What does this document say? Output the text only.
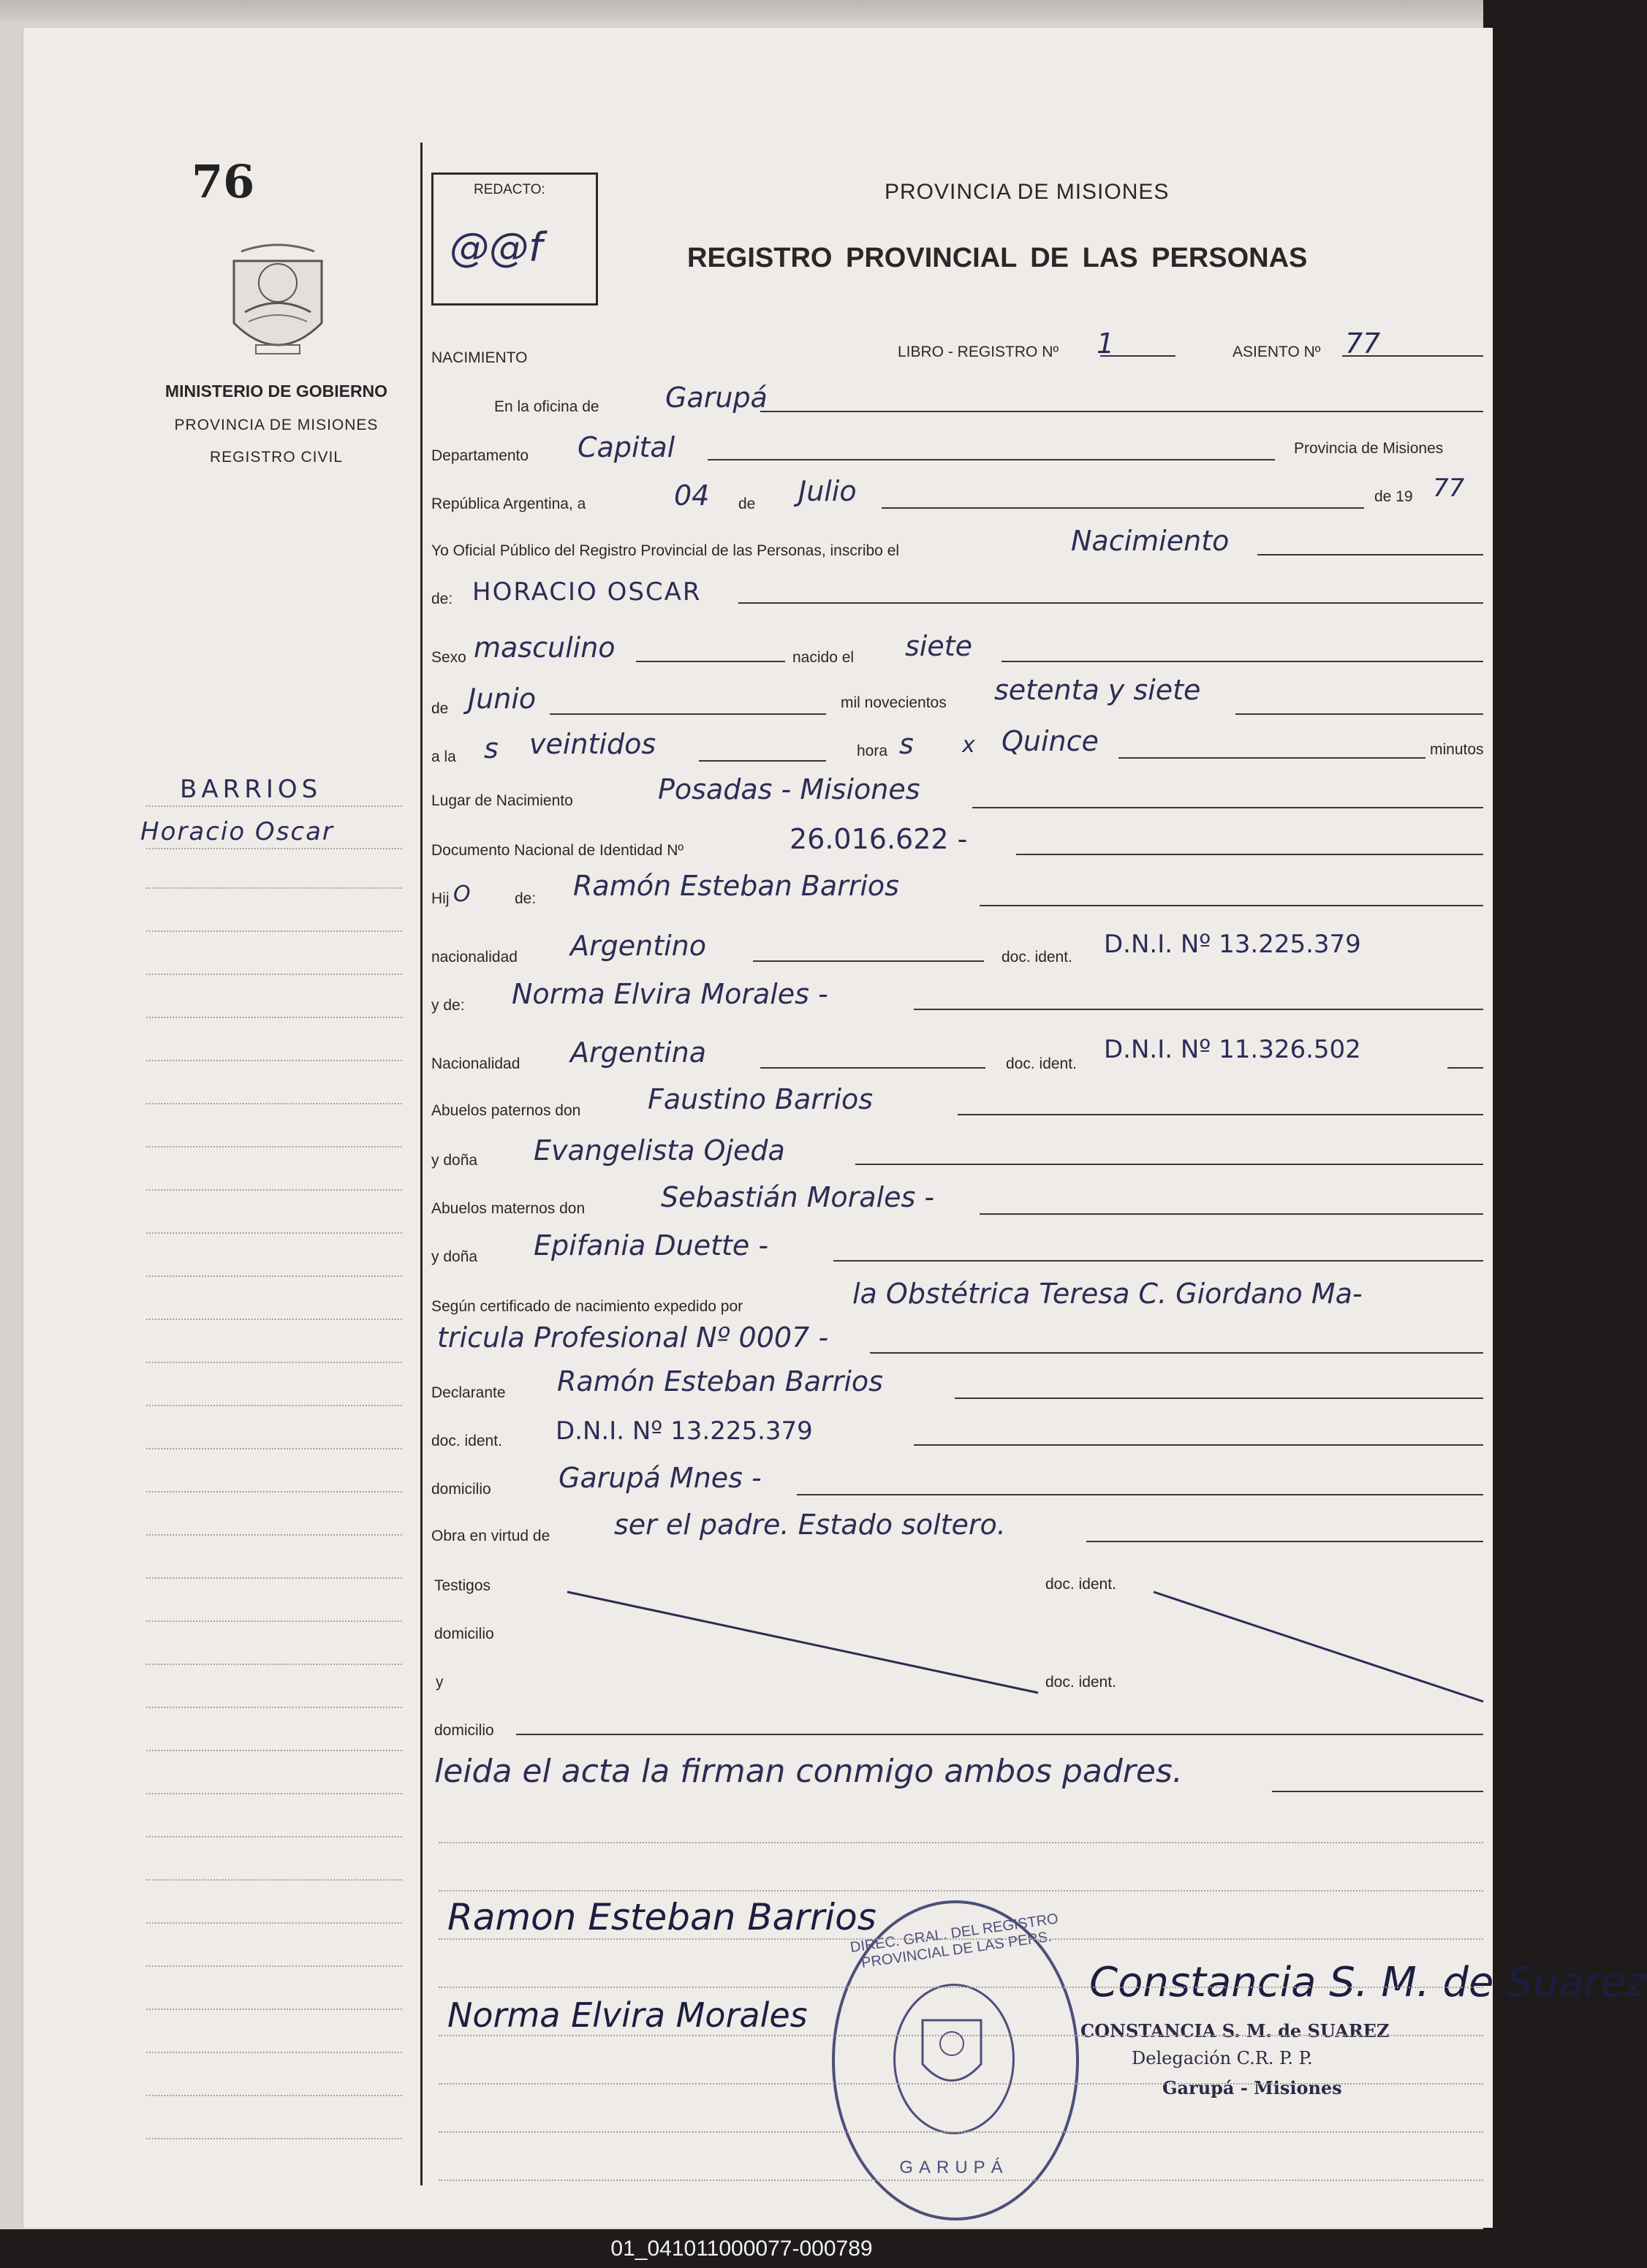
76
MINISTERIO DE GOBIERNO
PROVINCIA DE MISIONES
REGISTRO CIVIL
BARRIOS
Horacio Oscar
REDACTO:
@@f
PROVINCIA DE MISIONES
REGISTRO PROVINCIAL DE LAS PERSONAS
Ramon Esteban Barrios
Norma Elvira Morales
Constancia S. M. de Suarez
DIREC. GRAL. DEL REGISTRO PROVINCIAL DE LAS PERS.
GARUPÁ
CONSTANCIA S. M. de SUAREZ
Delegación C.R. P. P.
Garupá - Misiones
NACIMIENTO	LIBRO - REGISTRO Nº 1	ASIENTO Nº 77
En la oficina de Garupá
Departamento Capital	Provincia de Misiones
República Argentina, a	04 de Julio	de 19 77
Yo Oficial Público del Registro Provincial de las Personas, inscribo el	Nacimiento
de: HORACIO OSCAR
Sexo masculino	nacido el siete
de Junio	mil novecientos setenta y siete
a la s veintidos	hora s x Quince	minutos
Lugar de Nacimiento	Posadas - Misiones
Documento Nacional de Identidad Nº	26.016.622 -
Hij O	de: Ramón Esteban Barrios
nacionalidad Argentino	doc. ident. D.N.I. Nº 13.225.379
y de: Norma Elvira Morales -
Nacionalidad Argentina	doc. ident. D.N.I. Nº 11.326.502
Abuelos paternos don Faustino Barrios
y doña Evangelista Ojeda
Abuelos maternos don	Sebastián Morales -
y doña Epifania Duette -
Según certificado de nacimiento expedido por	la Obstétrica Teresa C. Giordano Ma-
tricula Profesional Nº 0007 -
Declarante Ramón Esteban Barrios
doc. ident. D.N.I. Nº 13.225.379
domicilio Garupá Mnes -
Obra en virtud de ser el padre. Estado soltero.
Testigos	doc. ident.
domicilio
y	doc. ident.
domicilio
leida el acta la firman conmigo ambos padres.
01_041011000077-000789
